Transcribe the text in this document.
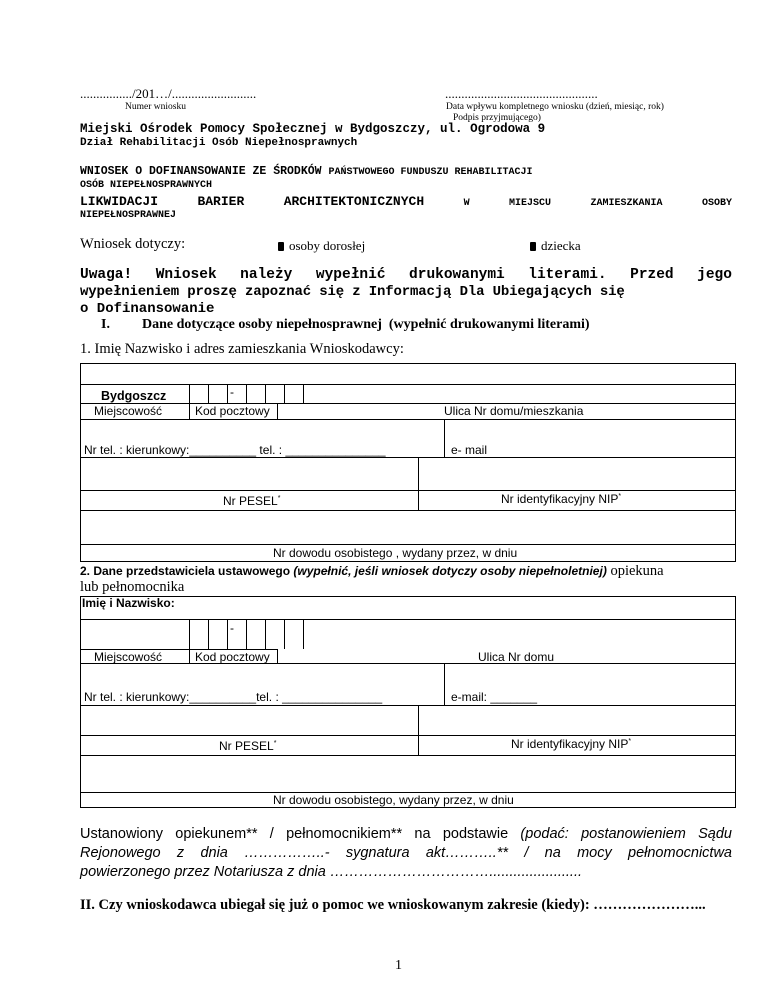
................/201…/..........................
Numer wniosku
...............................................
Data wpływu kompletnego wniosku (dzień, miesiąc, rok)
Podpis przyjmującego)
Miejski Ośrodek Pomocy Społecznej w Bydgoszczy, ul. Ogrodowa 9
Dział Rehabilitacji Osób Niepełnosprawnych
WNIOSEK O DOFINANSOWANIE ZE ŚRODKÓW PAŃSTWOWEGO FUNDUSZU REHABILITACJI
OSÓB NIEPEŁNOSPRAWNYCH
LIKWIDACJI	BARIER	ARCHITEKTONICZNYCH	W	MIEJSCU	ZAMIESZKANIA	OSOBY
NIEPEŁNOSPRAWNEJ
Wniosek dotyczy:	osoby dorosłej	dziecka
Uwaga! Wniosek należy wypełnić drukowanymi literami. Przed jego
wypełnieniem proszę zapoznać się z Informacją Dla Ubiegających się
o Dofinansowanie
I. Dane dotyczące osoby niepełnosprawnej (wypełnić drukowanymi literami)
1. Imię Nazwisko i adres zamieszkania Wnioskodawcy:
Bydgoszcz	-
Miejscowość	Kod pocztowy	Ulica Nr domu/mieszkania
Nr tel. : kierunkowy:__________ tel. : _______________	e- mail
Nr PESEL*	Nr identyfikacyjny NIP*
Nr dowodu osobistego , wydany przez, w dniu
2. Dane przedstawiciela ustawowego (wypełnić, jeśli wniosek dotyczy osoby niepełnoletniej) opiekuna
lub pełnomocnika
Imię i Nazwisko:
-
Miejscowość	Kod pocztowy	Ulica Nr domu
Nr tel. : kierunkowy:__________tel. : _______________	e-mail: _______
Nr PESEL*	Nr identyfikacyjny NIP*
Nr dowodu osobistego, wydany przez, w dniu
Ustanowiony opiekunem** / pełnomocnikiem** na podstawie (podać: postanowieniem Sądu
Rejonowego z dnia ……………..- sygnatura akt………..** / na mocy pełnomocnictwa
powierzonego przez Notariusza z dnia …………………………….......................
II. Czy wnioskodawca ubiegał się już o pomoc we wnioskowanym zakresie (kiedy): …………………...
1
